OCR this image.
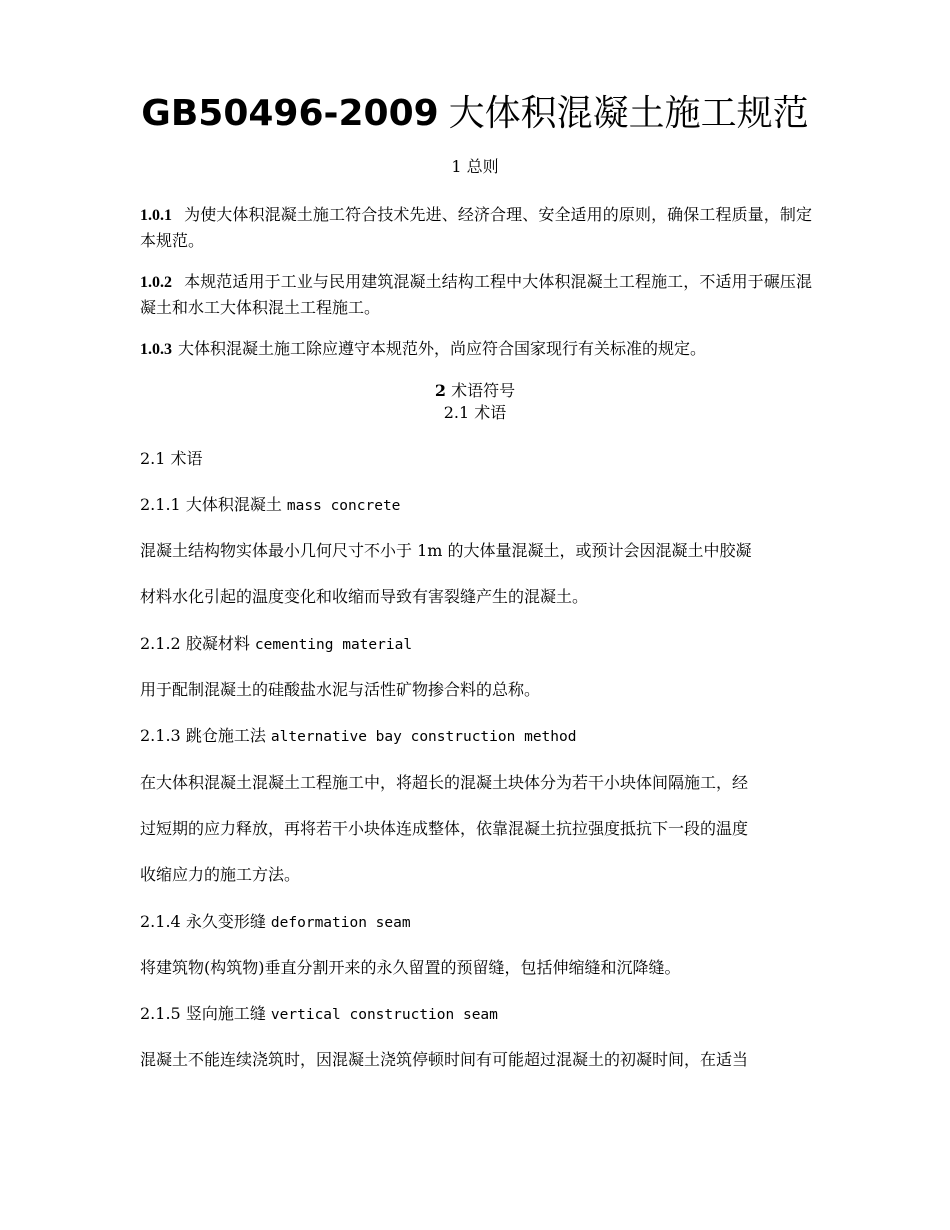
GB50496-2009 大体积混凝土施工规范
1 总则
1.0.1 为使大体积混凝土施工符合技术先进、经济合理、安全适用的原则，确保工程质量，制定本规范。
1.0.2 本规范适用于工业与民用建筑混凝土结构工程中大体积混凝土工程施工，不适用于碾压混凝土和水工大体积混土工程施工。
1.0.3 大体积混凝土施工除应遵守本规范外，尚应符合国家现行有关标准的规定。
2 术语符号
2.1 术语
2.1 术语
2.1.1 大体积混凝土 mass concrete
混凝土结构物实体最小几何尺寸不小于 1m 的大体量混凝土，或预计会因混凝土中胶凝
材料水化引起的温度变化和收缩而导致有害裂缝产生的混凝土。
2.1.2 胶凝材料 cementing material
用于配制混凝土的硅酸盐水泥与活性矿物掺合料的总称。
2.1.3 跳仓施工法 alternative bay construction method
在大体积混凝土混凝土工程施工中，将超长的混凝土块体分为若干小块体间隔施工，经
过短期的应力释放，再将若干小块体连成整体，依靠混凝土抗拉强度抵抗下一段的温度
收缩应力的施工方法。
2.1.4 永久变形缝 deformation seam
将建筑物(构筑物)垂直分割开来的永久留置的预留缝，包括伸缩缝和沉降缝。
2.1.5 竖向施工缝 vertical construction seam
混凝土不能连续浇筑时，因混凝土浇筑停顿时间有可能超过混凝土的初凝时间，在适当
